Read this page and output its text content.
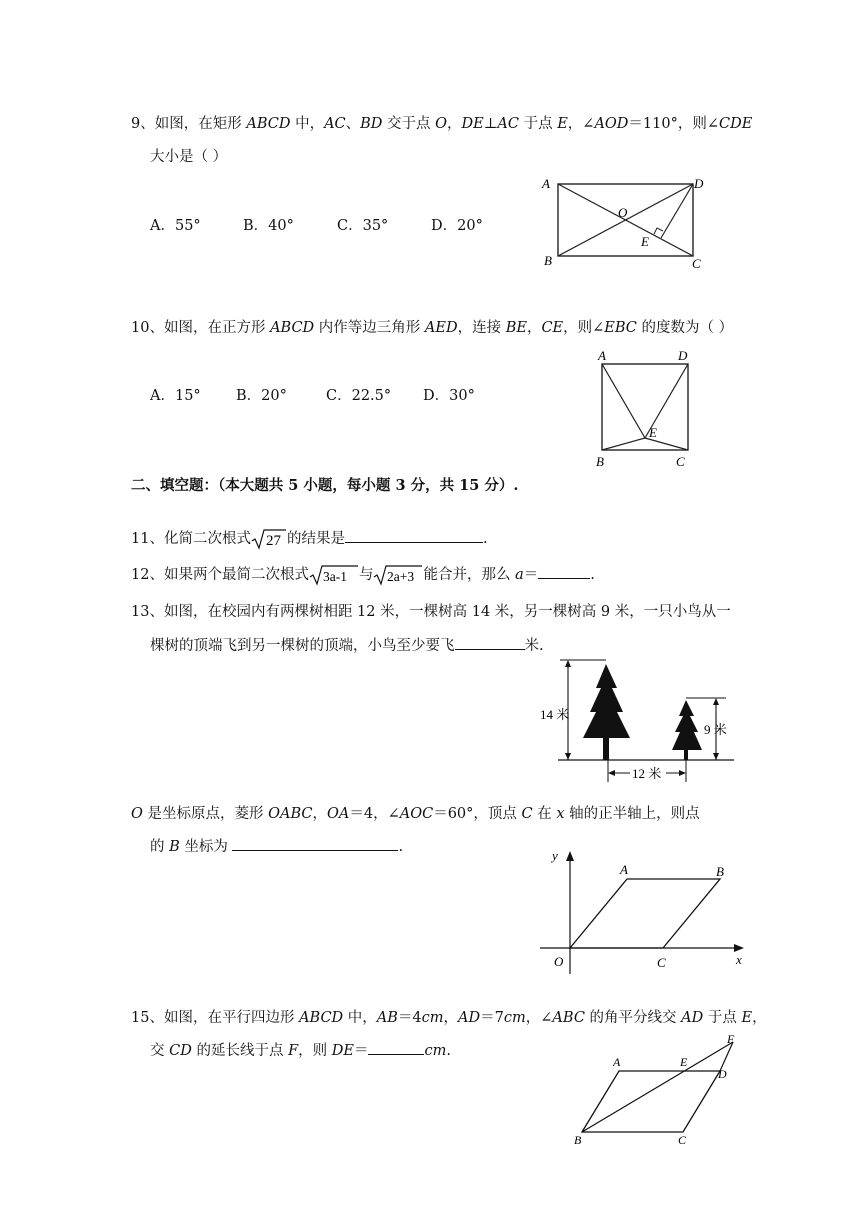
9、如图，在矩形 ABCD 中，AC、BD 交于点 O，DE⊥AC 于点 E，∠AOD＝110°，则∠CDE
大小是（ ）
A．55°	B．40°	C．35°	D．20°
A	D
O
E
B	C
10、如图，在正方形 ABCD 内作等边三角形 AED，连接 BE，CE，则∠EBC 的度数为（ ）
A．15° B．20°	C．22.5° D．30°
A	D
E
B	C
二、填空题：（本大题共 5 小题，每小题 3 分，共 15 分）.
11、化简二次根式 27 的结果是	.
12、如果两个最简二次根式 3a-1 与 2a+3 能合并，那么 a＝	.
13、如图，在校园内有两棵树相距 12 米，一棵树高 14 米，另一棵树高 9 米，一只小鸟从一
棵树的顶端飞到另一棵树的顶端，小鸟至少要飞	米.
14 米
9 米
12 米
O 是坐标原点，菱形 OABC，OA＝4，∠AOC＝60°，顶点 C 在 x 轴的正半轴上，则点
的 B 坐标为	.
y
A	B
O	C	x
15、如图，在平行四边形 ABCD 中，AB＝4cm，AD＝7cm，∠ABC 的角平分线交 AD 于点 E，
交 CD 的延长线于点 F，则 DE＝	cm.
F
A	E
D
B	C
